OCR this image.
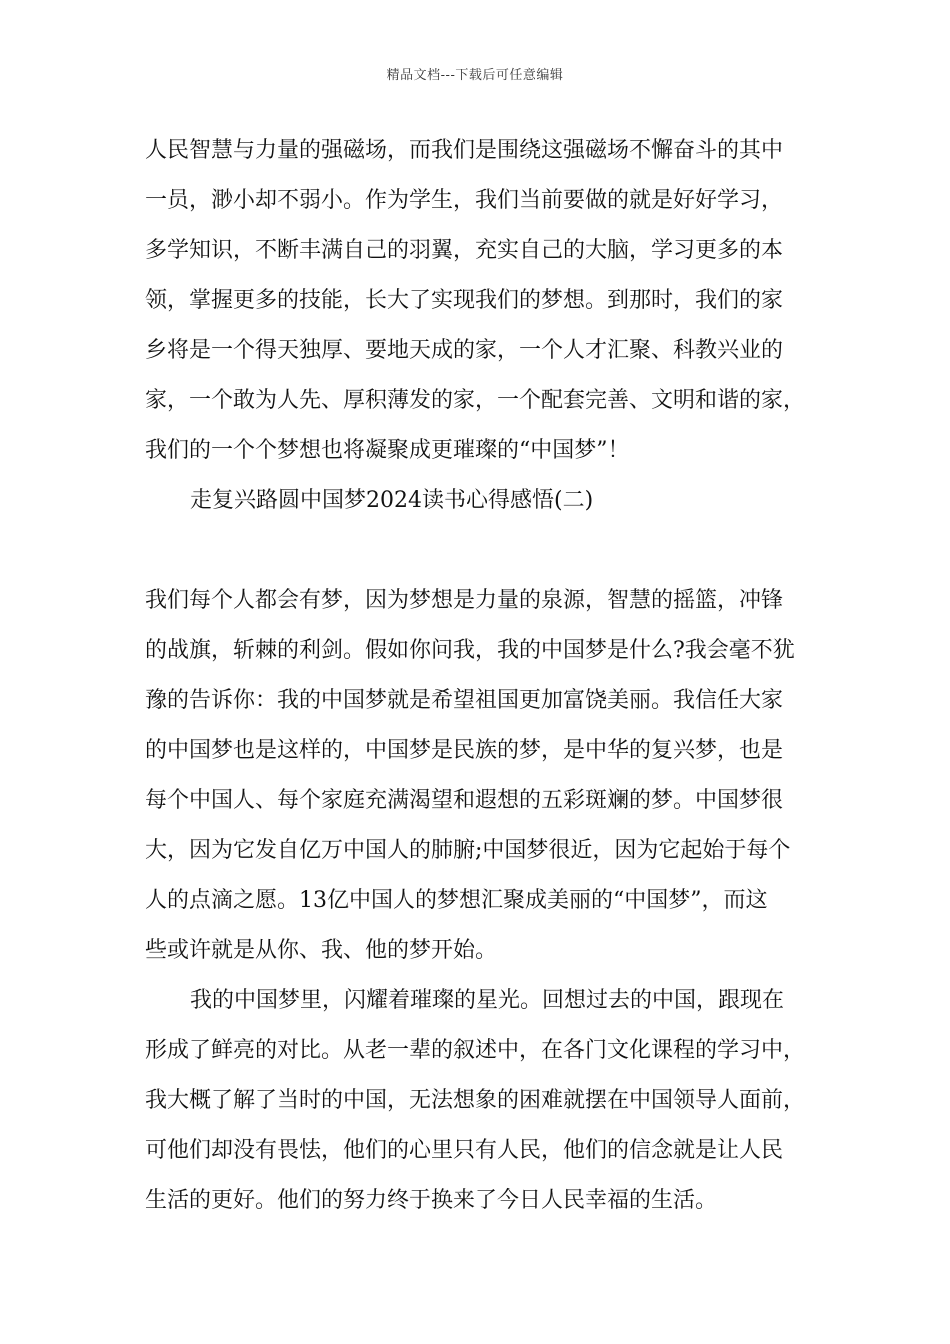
精品文档---下载后可任意编辑
人民智慧与力量的强磁场，而我们是围绕这强磁场不懈奋斗的其中
一员，渺小却不弱小。作为学生，我们当前要做的就是好好学习，
多学知识，不断丰满自己的羽翼，充实自己的大脑，学习更多的本
领，掌握更多的技能，长大了实现我们的梦想。到那时，我们的家
乡将是一个得天独厚、要地天成的家，一个人才汇聚、科教兴业的
家，一个敢为人先、厚积薄发的家，一个配套完善、文明和谐的家，
我们的一个个梦想也将凝聚成更璀璨的“中国梦”！
走复兴路圆中国梦2024读书心得感悟(二)
我们每个人都会有梦，因为梦想是力量的泉源，智慧的摇篮，冲锋
的战旗，斩棘的利剑。假如你问我，我的中国梦是什么?我会毫不犹
豫的告诉你：我的中国梦就是希望祖国更加富饶美丽。我信任大家
的中国梦也是这样的，中国梦是民族的梦，是中华的复兴梦，也是
每个中国人、每个家庭充满渴望和遐想的五彩斑斓的梦。中国梦很
大，因为它发自亿万中国人的肺腑;中国梦很近，因为它起始于每个
人的点滴之愿。13亿中国人的梦想汇聚成美丽的“中国梦”，而这
些或许就是从你、我、他的梦开始。
我的中国梦里，闪耀着璀璨的星光。回想过去的中国，跟现在
形成了鲜亮的对比。从老一辈的叙述中，在各门文化课程的学习中，
我大概了解了当时的中国，无法想象的困难就摆在中国领导人面前，
可他们却没有畏怯，他们的心里只有人民，他们的信念就是让人民
生活的更好。他们的努力终于换来了今日人民幸福的生活。
